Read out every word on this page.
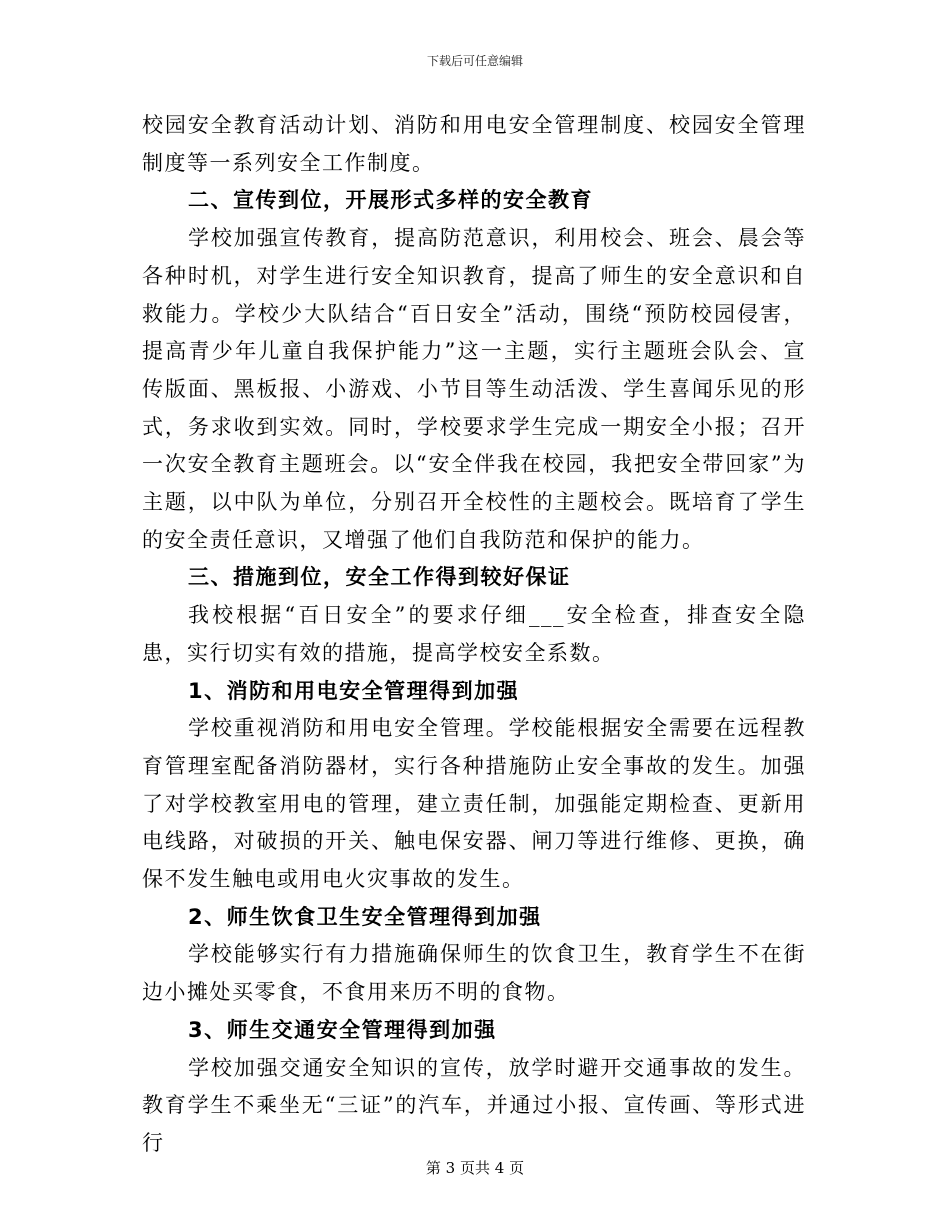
下载后可任意编辑

校园安全教育活动计划、消防和用电安全管理制度、校园安全管理制度等一系列安全工作制度。

二、宣传到位，开展形式多样的安全教育

学校加强宣传教育，提高防范意识，利用校会、班会、晨会等各种时机，对学生进行安全知识教育，提高了师生的安全意识和自救能力。学校少大队结合“百日安全”活动，围绕“预防校园侵害，提高青少年儿童自我保护能力”这一主题，实行主题班会队会、宣传版面、黑板报、小游戏、小节目等生动活泼、学生喜闻乐见的形式，务求收到实效。同时，学校要求学生完成一期安全小报；召开一次安全教育主题班会。以“安全伴我在校园，我把安全带回家”为主题，以中队为单位，分别召开全校性的主题校会。既培育了学生的安全责任意识，又增强了他们自我防范和保护的能力。

三、措施到位，安全工作得到较好保证

我校根据“百日安全”的要求仔细___安全检查，排查安全隐患，实行切实有效的措施，提高学校安全系数。

1、消防和用电安全管理得到加强

学校重视消防和用电安全管理。学校能根据安全需要在远程教育管理室配备消防器材，实行各种措施防止安全事故的发生。加强了对学校教室用电的管理，建立责任制，加强能定期检查、更新用电线路，对破损的开关、触电保安器、闸刀等进行维修、更换，确保不发生触电或用电火灾事故的发生。

2、师生饮食卫生安全管理得到加强

学校能够实行有力措施确保师生的饮食卫生，教育学生不在街边小摊处买零食，不食用来历不明的食物。

3、师生交通安全管理得到加强

学校加强交通安全知识的宣传，放学时避开交通事故的发生。教育学生不乘坐无“三证”的汽车，并通过小报、宣传画、等形式进行

第 3 页共 4 页
